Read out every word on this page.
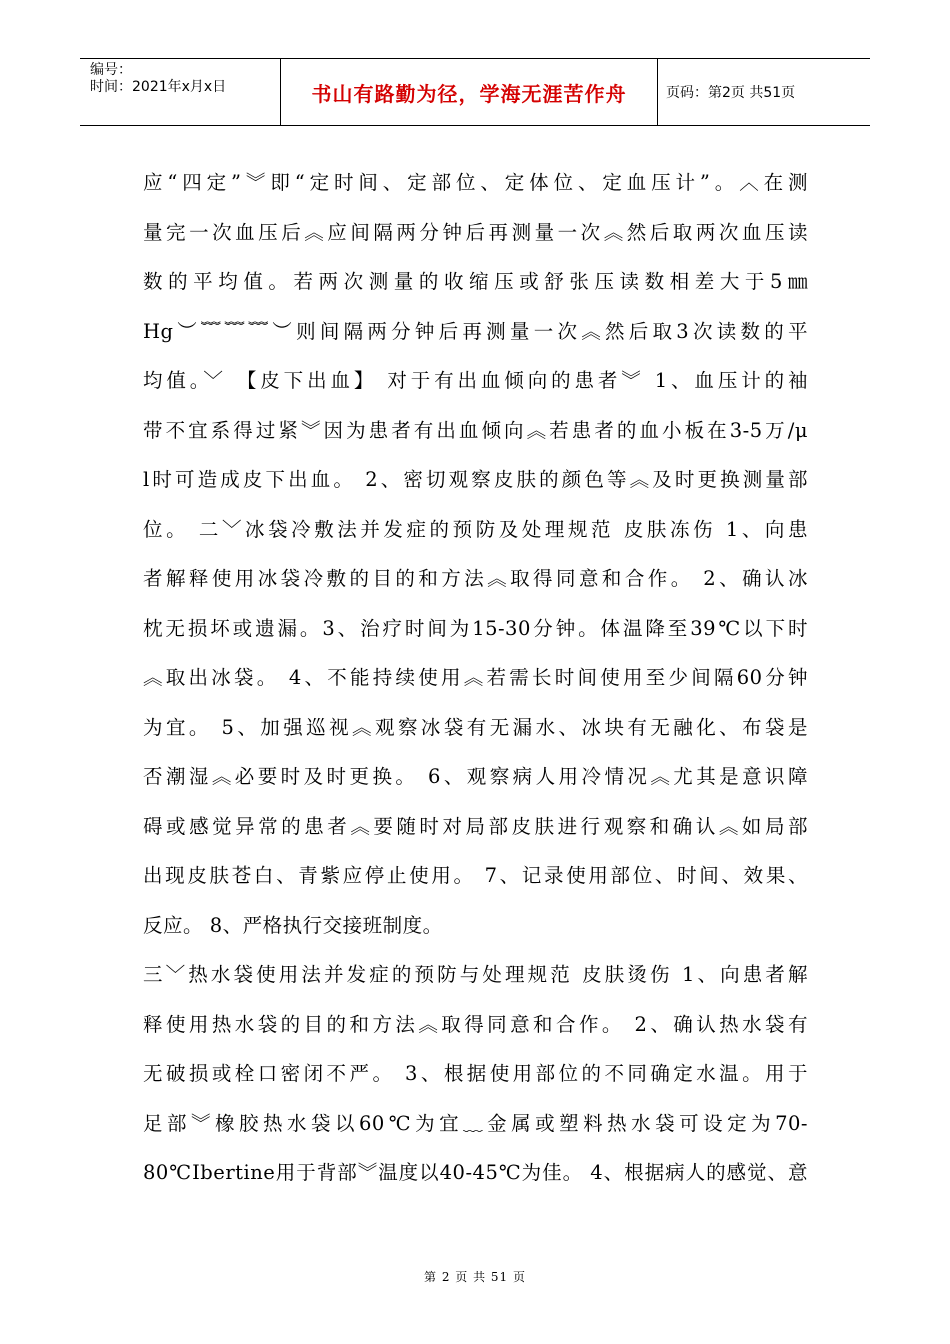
编号：
时间：2021年x月x日	书山有路勤为径，学海无涯苦作舟	页码：第2页 共51页
应“四定”︾即“定时间、定部位、定体位、定血压计”。︿在测
量完一次血压后︽应间隔两分钟后再测量一次︽然后取两次血压读
数的平均值。若两次测量的收缩压或舒张压读数相差大于5㎜
Hg︶﹌﹌﹌︶则间隔两分钟后再测量一次︽然后取3次读数的平
均值。﹀ 【皮下出血】 对于有出血倾向的患者︾ 1、血压计的袖
带不宜系得过紧︾因为患者有出血倾向︽若患者的血小板在3-5万/μ
l时可造成皮下出血。 2、密切观察皮肤的颜色等︽及时更换测量部
位。 二﹀冰袋冷敷法并发症的预防及处理规范 皮肤冻伤 1、向患
者解释使用冰袋冷敷的目的和方法︽取得同意和合作。 2、确认冰
枕无损坏或遗漏。3、治疗时间为15-30分钟。体温降至39℃以下时
︽取出冰袋。 4、不能持续使用︽若需长时间使用至少间隔60分钟
为宜。 5、加强巡视︽观察冰袋有无漏水、冰块有无融化、布袋是
否潮湿︽必要时及时更换。 6、观察病人用冷情况︽尤其是意识障
碍或感觉异常的患者︽要随时对局部皮肤进行观察和确认︽如局部
出现皮肤苍白、青紫应停止使用。 7、记录使用部位、时间、效果、
反应。 8、严格执行交接班制度。
三﹀热水袋使用法并发症的预防与处理规范 皮肤烫伤 1、向患者解
释使用热水袋的目的和方法︽取得同意和合作。 2、确认热水袋有
无破损或栓口密闭不严。 3、根据使用部位的不同确定水温。用于
足部︾橡胶热水袋以60℃为宜﹏金属或塑料热水袋可设定为70-
80℃Ibertine用于背部︾温度以40-45℃为佳。 4、根据病人的感觉、意
第 2 页 共 51 页
